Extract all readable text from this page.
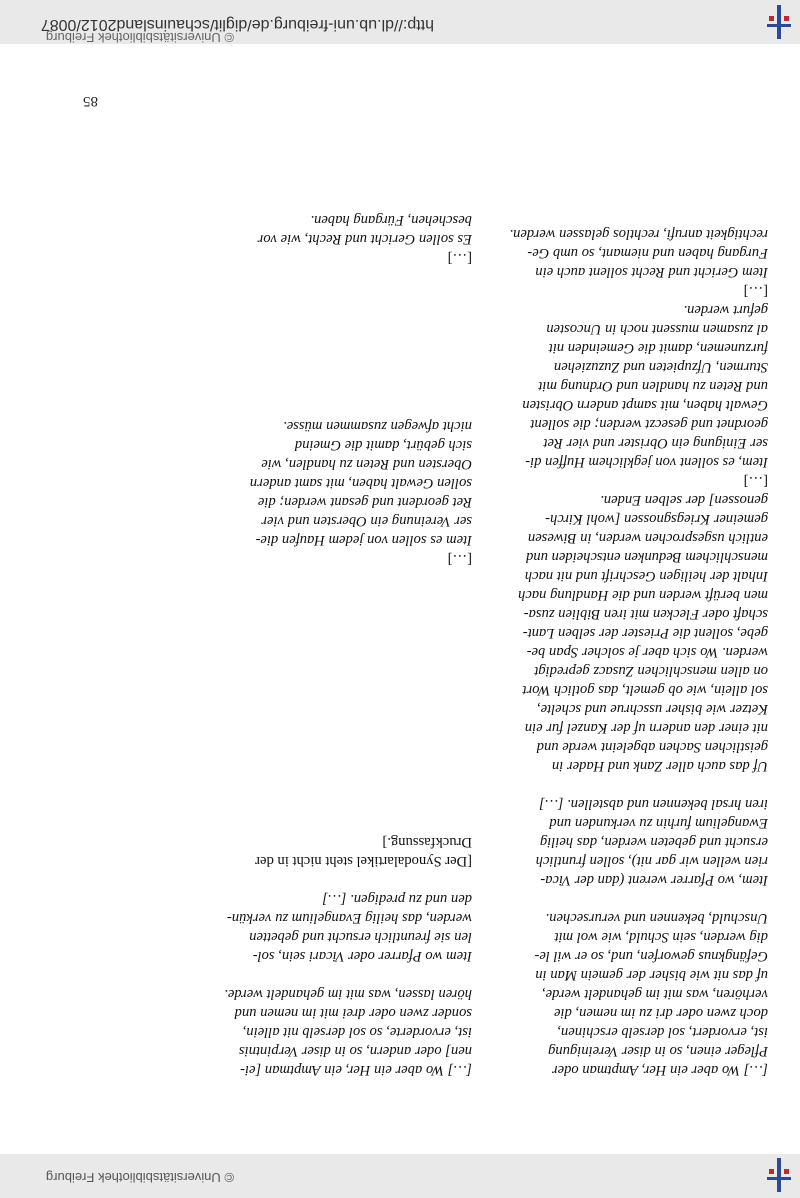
© Universitätsbibliothek Freiburg
85
[…] Wo aber ein Her, ein Amptman [ei-
nen] oder andern, so in diser Verpintnis
ist, ervorderte, so sol derselb nit allein,
sonder zwen oder drei mit im nemen und
hören lassen, was mit im gehandelt werde.
Item wo Pfarrer oder Vicari sein, sol-
len sie freuntlich ersucht und gebetten
werden, das heilig Evangelium zu verkün-
den und zu predigen. […]
[Der Synodalartikel steht nicht in der
Druckfassung.]
[…]
Item es sollen von jedem Haufen die-
ser Vereinung ein Obersten und vier
Ret geordent und gesant werden; die
sollen Gewalt haben, mit samt andern
Obersten und Reten zu handlen, wie
sich gebürt, damit die Gmeind
nicht afwegen zusammen müsse.
[…]
Es sollen Gericht und Recht, wie vor
beschehen, Fürgang haben.
[…] Wo aber ein Her, Amptman oder
Pfleger einen, so in diser Vereinigung
ist, ervordert, sol derselb erschinen,
doch zwen oder dri zu im nemen, die
verhören, was mit im gehandelt werde,
uf das nit wie bisher der gemein Man in
Gefängknus geworfen, und, so er wil le-
dig werden, sein Schuld, wie wol mit
Unschuld, bekennen und verursechen.
Item, wo Pfarrer werent (dan der Vica-
rien wellen wir gar nit), sollen fruntlich
ersucht und gebeten werden, das heilig
Ewangelium furhin zu verkunden und
iren hrsal bekennen und abstellen. […]
Uf das auch aller Zank und Hader in
geistlichen Sachen abgeleint werde und
nit einer den andern uf der Kanzel fur ein
Ketzer wie bisher usschrue und schelte,
sol allein, wie ob gemelt, das gotlich Wort
on allen menschlichen Zusacz gepredigt
werden. Wo sich aber je solcher Span be-
gebe, sollent die Priester der selben Lant-
schaft oder Flecken mit iren Biblien zusa-
men berüft werden und die Handlung nach
Inhalt der heiligen Geschrift und nit nach
menschlichem Bedunken entscheiden und
entlich usgesprochen werden, in Biwesen
gemeiner Kriegsgnossen [wohl Kirch-
genossen] der selben Enden.
[…]
Item, es sollent von jegklichem Huffen di-
ser Einigung ein Obrister und vier Ret
geordnet und geseczt werden; die sollent
Gewalt haben, mit sampt andern Obristen
und Reten zu handlen und Ordnung mit
Sturmen, Ufzupieten und Zuzuziehen
furzunemen, damit die Gemeinden nit
al zusamen mussent noch in Uncosten
gefurt werden.
[…]
Item Gericht und Recht sollent auch ein
Furgang haben und niemant, so umb Ge-
rechtigkeit anrufi, rechtlos gelassen werden.
http://dl.ub.uni-freiburg.de/diglit/schauinsland2012/0087
© Universitätsbibliothek Freiburg
